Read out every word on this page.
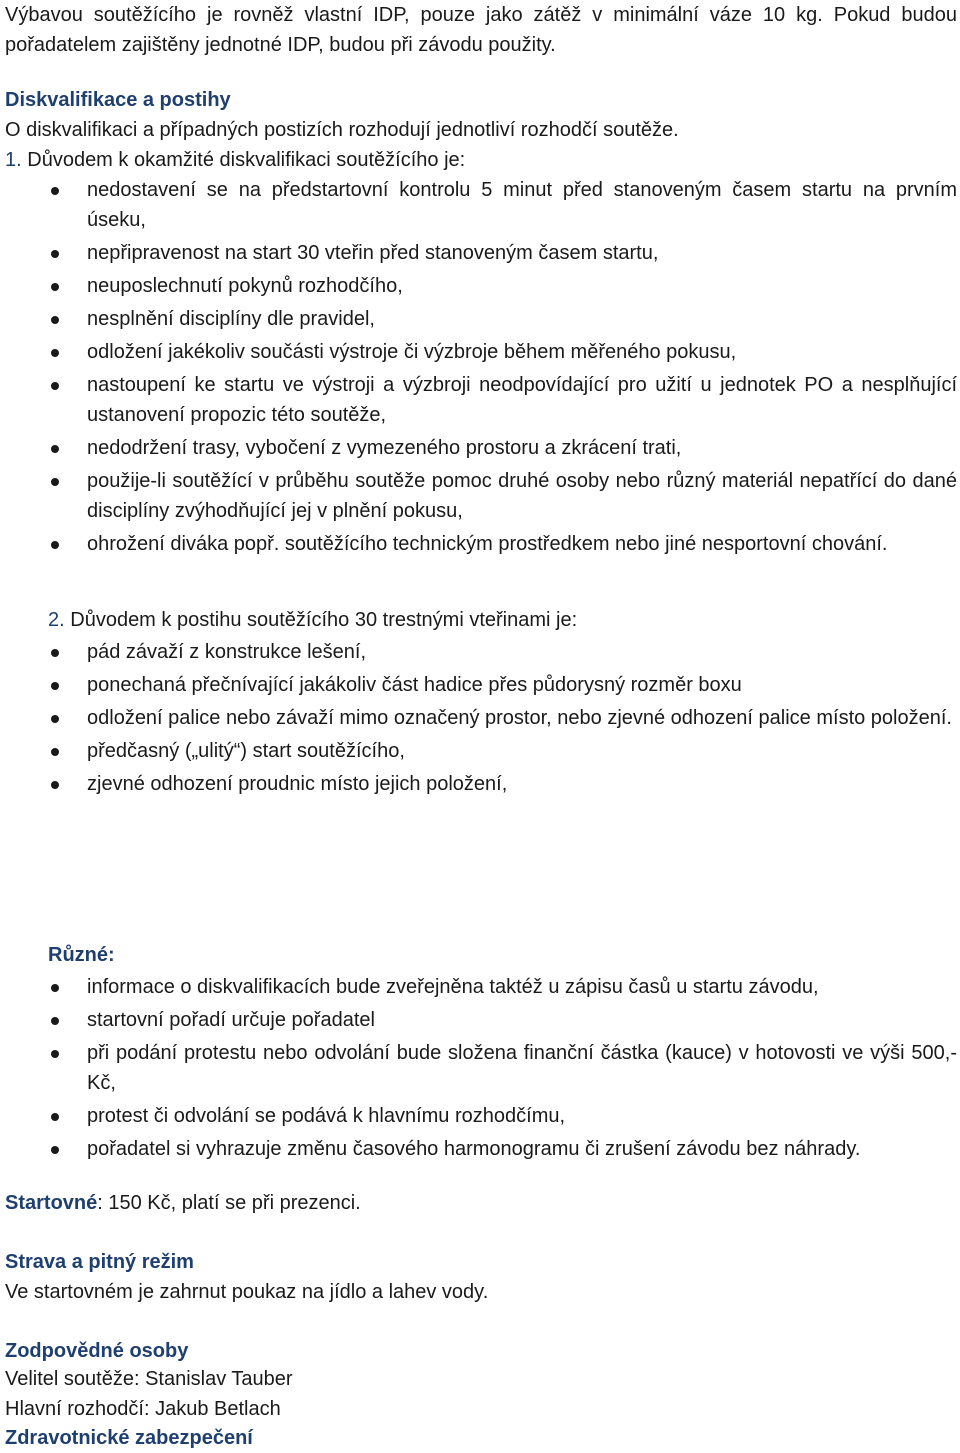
Výbavou soutěžícího je rovněž vlastní IDP, pouze jako zátěž v minimální váze 10 kg. Pokud budou pořadatelem zajištěny jednotné IDP, budou při závodu použity.

Diskvalifikace a postihy

O diskvalifikaci a případných postizích rozhodují jednotliví rozhodčí soutěže.

1. Důvodem k okamžité diskvalifikaci soutěžícího je:

nedostavení se na předstartovní kontrolu 5 minut před stanoveným časem startu na prvním úseku,
nepřipravenost na start 30 vteřin před stanoveným časem startu,
neuposlechnutí pokynů rozhodčího,
nesplnění disciplíny dle pravidel,
odložení jakékoliv součásti výstroje či výzbroje během měřeného pokusu,
nastoupení ke startu ve výstroji a výzbroji neodpovídající pro užití u jednotek PO a nesplňující ustanovení propozic této soutěže,
nedodržení trasy, vybočení z vymezeného prostoru a zkrácení trati,
použije-li soutěžící v průběhu soutěže pomoc druhé osoby nebo různý materiál nepatřící do dané disciplíny zvýhodňující jej v plnění pokusu,
ohrožení diváka popř. soutěžícího technickým prostředkem nebo jiné nesportovní chování.

2. Důvodem k postihu soutěžícího 30 trestnými vteřinami je:

pád závaží z konstrukce lešení,
ponechaná přečnívající jakákoliv část hadice přes půdorysný rozměr boxu
odložení palice nebo závaží mimo označený prostor, nebo zjevné odhození palice místo položení.
předčasný („ulitý“) start soutěžícího,
zjevné odhození proudnic místo jejich položení,

Různé:

informace o diskvalifikacích bude zveřejněna taktéž u zápisu časů u startu závodu,
startovní pořadí určuje pořadatel
při podání protestu nebo odvolání bude složena finanční částka (kauce) v hotovosti ve výši 500,- Kč,
protest či odvolání se podává k hlavnímu rozhodčímu,
pořadatel si vyhrazuje změnu časového harmonogramu či zrušení závodu bez náhrady.

Startovné: 150 Kč, platí se při prezenci.

Strava a pitný režim

Ve startovném je zahrnut poukaz na jídlo a lahev vody.

Zodpovědné osoby

Velitel soutěže: Stanislav Tauber

Hlavní rozhodčí: Jakub Betlach

Zdravotnické zabezpečení
